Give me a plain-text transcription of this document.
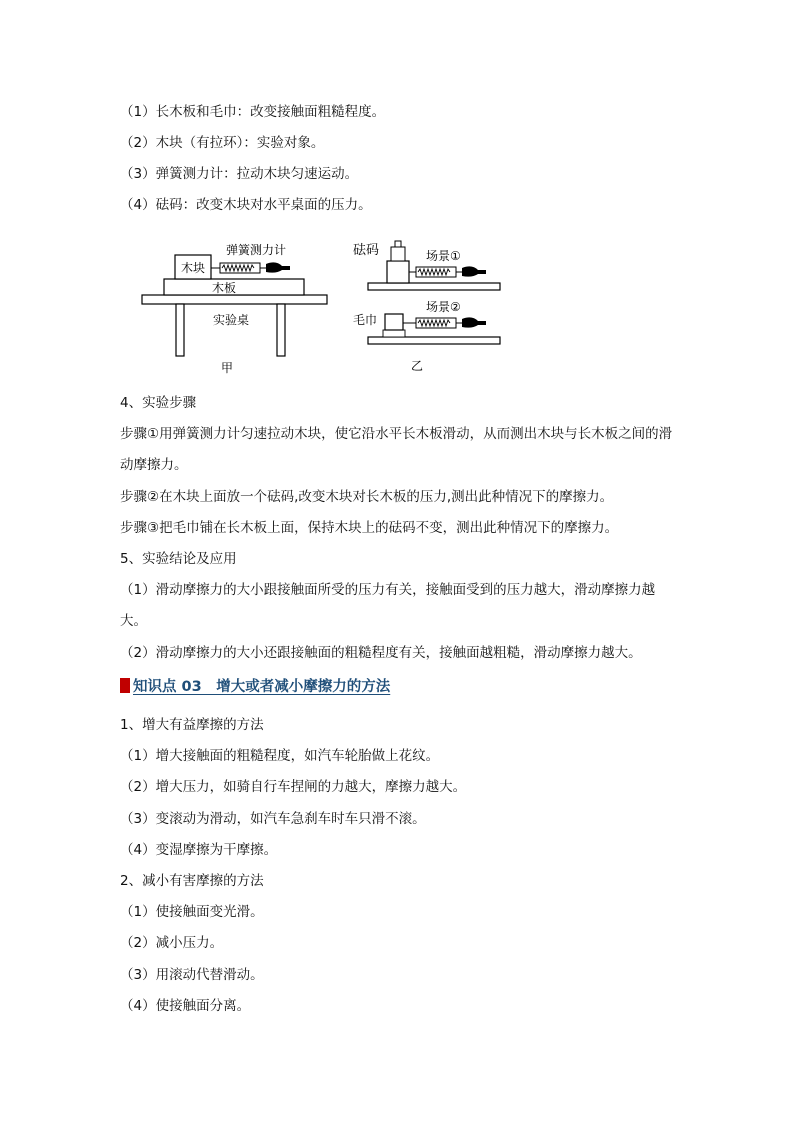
（1）长木板和毛巾：改变接触面粗糙程度。
（2）木块（有拉环）：实验对象。
（3）弹簧测力计：拉动木块匀速运动。
（4）砝码：改变木块对水平桌面的压力。
木块
弹簧测力计
木板
实验桌
甲
砝码	场景①
毛巾
场景②
乙
4、实验步骤
步骤①用弹簧测力计匀速拉动木块，使它沿水平长木板滑动，从而测出木块与长木板之间的滑动摩擦力。
步骤②在木块上面放一个砝码,改变木块对长木板的压力,测出此种情况下的摩擦力。
步骤③把毛巾铺在长木板上面，保持木块上的砝码不变，测出此种情况下的摩擦力。
5、实验结论及应用
（1）滑动摩擦力的大小跟接触面所受的压力有关，接触面受到的压力越大，滑动摩擦力越大。
（2）滑动摩擦力的大小还跟接触面的粗糙程度有关，接触面越粗糙，滑动摩擦力越大。
知识点 03　增大或者减小摩擦力的方法
1、增大有益摩擦的方法
（1）增大接触面的粗糙程度，如汽车轮胎做上花纹。
（2）增大压力，如骑自行车捏闸的力越大，摩擦力越大。
（3）变滚动为滑动，如汽车急刹车时车只滑不滚。
（4）变湿摩擦为干摩擦。
2、减小有害摩擦的方法
（1）使接触面变光滑。
（2）减小压力。
（3）用滚动代替滑动。
（4）使接触面分离。
